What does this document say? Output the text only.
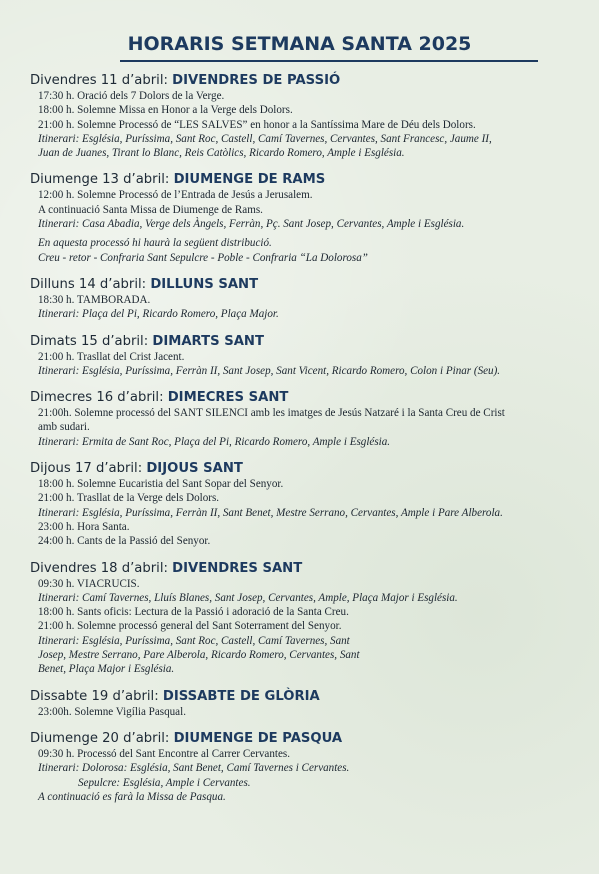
HORARIS SETMANA SANTA 2025
Divendres 11 d’abril: DIVENDRES DE PASSIÓ
17:30 h. Oració dels 7 Dolors de la Verge.
18:00 h. Solemne Missa en Honor a la Verge dels Dolors.
21:00 h. Solemne Processó de “LES SALVES” en honor a la Santíssima Mare de Déu dels Dolors.
Itinerari: Església, Puríssima, Sant Roc, Castell, Camí Tavernes, Cervantes, Sant Francesc, Jaume II,
Juan de Juanes, Tirant lo Blanc, Reis Catòlics, Ricardo Romero, Ample i Església.
Diumenge 13 d’abril: DIUMENGE DE RAMS
12:00 h. Solemne Processó de l’Entrada de Jesús a Jerusalem.
A continuació Santa Missa de Diumenge de Rams.
Itinerari: Casa Abadia, Verge dels Àngels, Ferràn, Pç. Sant Josep, Cervantes, Ample i Església.
En aquesta processó hi haurà la següent distribució.
Creu - retor - Confraria Sant Sepulcre - Poble - Confraria “La Dolorosa”
Dilluns 14 d’abril: DILLUNS SANT
18:30 h. TAMBORADA.
Itinerari: Plaça del Pi, Ricardo Romero, Plaça Major.
Dimats 15 d’abril: DIMARTS SANT
21:00 h. Trasllat del Crist Jacent.
Itinerari: Església, Puríssima, Ferràn II, Sant Josep, Sant Vicent, Ricardo Romero, Colon i Pinar (Seu).
Dimecres 16 d’abril: DIMECRES SANT
21:00h. Solemne processó del SANT SILENCI amb les imatges de Jesús Natzaré i la Santa Creu de Crist
amb sudari.
Itinerari: Ermita de Sant Roc, Plaça del Pi, Ricardo Romero, Ample i Església.
Dijous 17 d’abril: DIJOUS SANT
18:00 h. Solemne Eucaristia del Sant Sopar del Senyor.
21:00 h. Trasllat de la Verge dels Dolors.
Itinerari: Església, Puríssima, Ferràn II, Sant Benet, Mestre Serrano, Cervantes, Ample i Pare Alberola.
23:00 h. Hora Santa.
24:00 h. Cants de la Passió del Senyor.
Divendres 18 d’abril: DIVENDRES SANT
09:30 h. VIACRUCIS.
Itinerari: Camí Tavernes, Lluís Blanes, Sant Josep, Cervantes, Ample, Plaça Major i Església.
18:00 h. Sants oficis: Lectura de la Passió i adoració de la Santa Creu.
21:00 h. Solemne processó general del Sant Soterrament del Senyor.
Itinerari: Església, Puríssima, Sant Roc, Castell, Camí Tavernes, Sant
Josep, Mestre Serrano, Pare Alberola, Ricardo Romero, Cervantes, Sant
Benet, Plaça Major i Església.
Dissabte 19 d’abril: DISSABTE DE GLÒRIA
23:00h. Solemne Vigília Pasqual.
Diumenge 20 d’abril: DIUMENGE DE PASQUA
09:30 h. Processó del Sant Encontre al Carrer Cervantes.
Itinerari: Dolorosa: Església, Sant Benet, Camí Tavernes i Cervantes.
Sepulcre: Església, Ample i Cervantes.
A continuació es farà la Missa de Pasqua.
